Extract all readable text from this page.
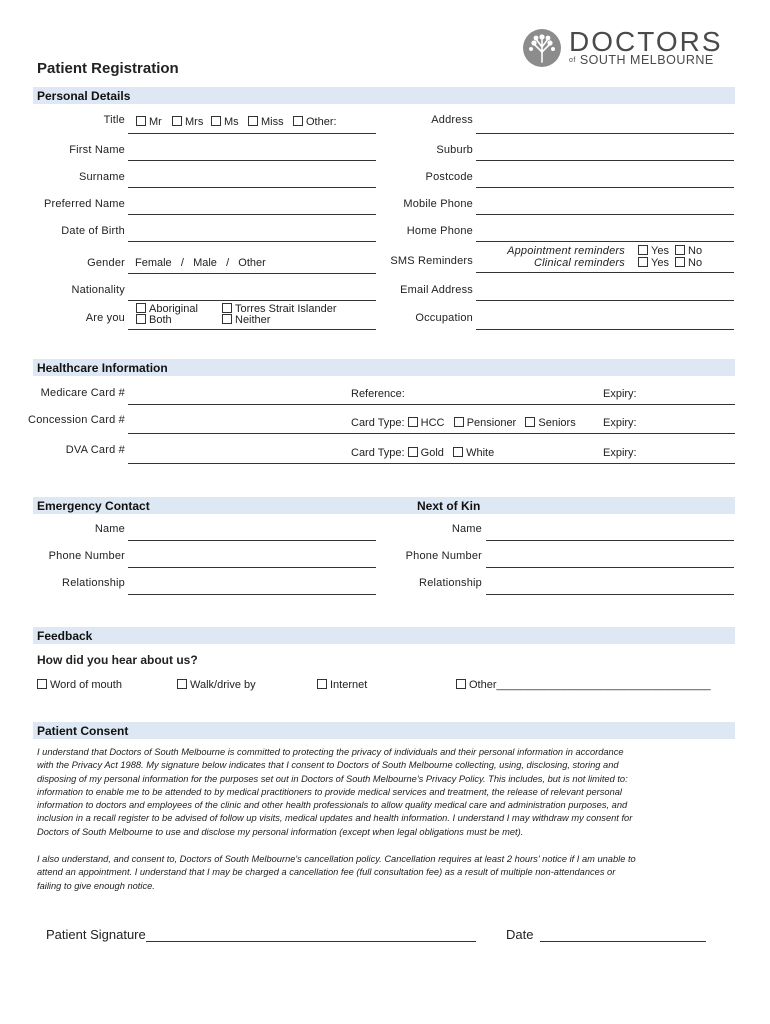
DOCTORS
of SOUTH MELBOURNE
Patient Registration
Personal Details
Title	Mr	Mrs	Ms	Miss	Other:
First Name
Surname
Preferred Name
Date of Birth
Gender Female   /   Male   /   Other
Nationality
Are you
Aboriginal	Torres Strait Islander
Both	Neither
Address
Suburb
Postcode
Mobile Phone
Home Phone
SMS Reminders
Appointment reminders
Clinical reminders
Yes	No
Yes	No
Email Address
Occupation
Healthcare Information
Medicare Card #	Reference:	Expiry:
Concession Card #	Card Type: HCC Pensioner Seniors Expiry:
DVA Card #	Card Type: Gold White	Expiry:
Emergency Contact	Next of Kin
Name
Phone Number
Relationship
Name
Phone Number
Relationship
Feedback
How did you hear about us?
Word of mouth	Walk/drive by	Internet	Other___________________________________
Patient Consent
I understand that Doctors of South Melbourne is committed to protecting the privacy of individuals and their personal information in accordance
with the Privacy Act 1988. My signature below indicates that I consent to Doctors of South Melbourne collecting, using, disclosing, storing and
disposing of my personal information for the purposes set out in Doctors of South Melbourne's Privacy Policy. This includes, but is not limited to:
information to enable me to be attended to by medical practitioners to provide medical services and treatment, the release of relevant personal
information to doctors and employees of the clinic and other health professionals to allow quality medical care and administration purposes, and
inclusion in a recall register to be advised of follow up visits, medical updates and health information. I understand I may withdraw my consent for
Doctors of South Melbourne to use and disclose my personal information (except when legal obligations must be met).
I also understand, and consent to, Doctors of South Melbourne's cancellation policy. Cancellation requires at least 2 hours' notice if I am unable to
attend an appointment. I understand that I may be charged a cancellation fee (full consultation fee) as a result of multiple non-attendances or
failing to give enough notice.
Patient Signature	Date
